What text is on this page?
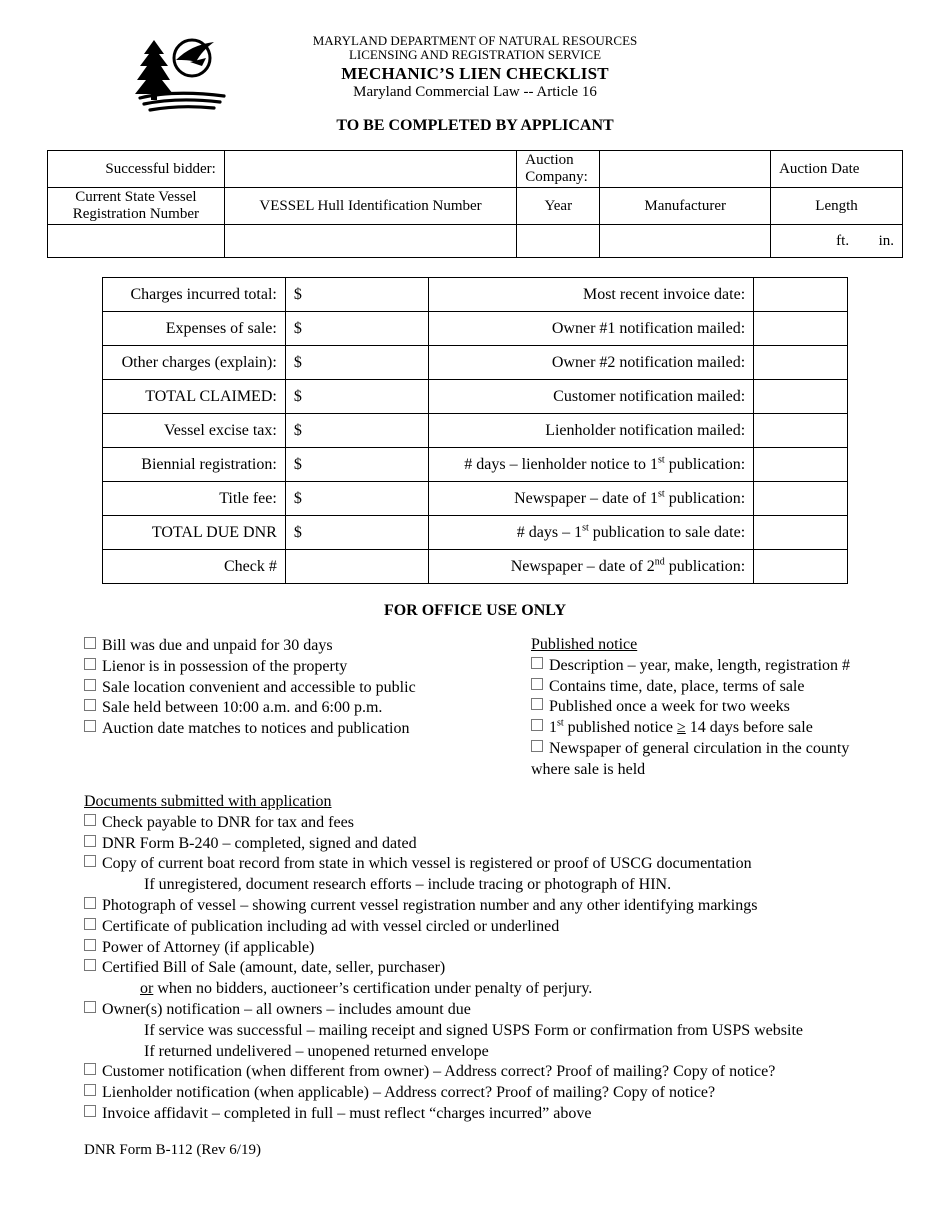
MARYLAND DEPARTMENT OF NATURAL RESOURCES
LICENSING AND REGISTRATION SERVICE
MECHANIC’S LIEN CHECKLIST
Maryland Commercial Law -- Article 16
TO BE COMPLETED BY APPLICANT
Successful bidder:		Auction Company:		Auction Date
Current State Vessel Registration Number	VESSEL Hull Identification Number	Year	Manufacturer	Length
				ft. in.
Charges incurred total:	$	Most recent invoice date:	
Expenses of sale:	$	Owner #1 notification mailed:	
Other charges (explain):	$	Owner #2 notification mailed:	
TOTAL CLAIMED:	$	Customer notification mailed:	
Vessel excise tax:	$	Lienholder notification mailed:	
Biennial registration:	$	# days – lienholder notice to 1st publication:	
Title fee:	$	Newspaper – date of 1st publication:	
TOTAL DUE DNR	$	# days – 1st publication to sale date:	
Check #		Newspaper – date of 2nd publication:	
FOR OFFICE USE ONLY
Bill was due and unpaid for 30 days
Lienor is in possession of the property
Sale location convenient and accessible to public
Sale held between 10:00 a.m. and 6:00 p.m.
Auction date matches to notices and publication
Published notice
Description – year, make, length, registration #
Contains time, date, place, terms of sale
Published once a week for two weeks
1st published notice ≥ 14 days before sale
Newspaper of general circulation in the county
where sale is held
Documents submitted with application
Check payable to DNR for tax and fees
DNR Form B-240 – completed, signed and dated
Copy of current boat record from state in which vessel is registered or proof of USCG documentation
If unregistered, document research efforts – include tracing or photograph of HIN.
Photograph of vessel – showing current vessel registration number and any other identifying markings
Certificate of publication including ad with vessel circled or underlined
Power of Attorney (if applicable)
Certified Bill of Sale (amount, date, seller, purchaser)
or when no bidders, auctioneer’s certification under penalty of perjury.
Owner(s) notification – all owners – includes amount due
If service was successful – mailing receipt and signed USPS Form or confirmation from USPS website
If returned undelivered – unopened returned envelope
Customer notification (when different from owner) – Address correct? Proof of mailing? Copy of notice?
Lienholder notification (when applicable) – Address correct? Proof of mailing? Copy of notice?
Invoice affidavit – completed in full – must reflect “charges incurred” above
DNR Form B-112 (Rev 6/19)
